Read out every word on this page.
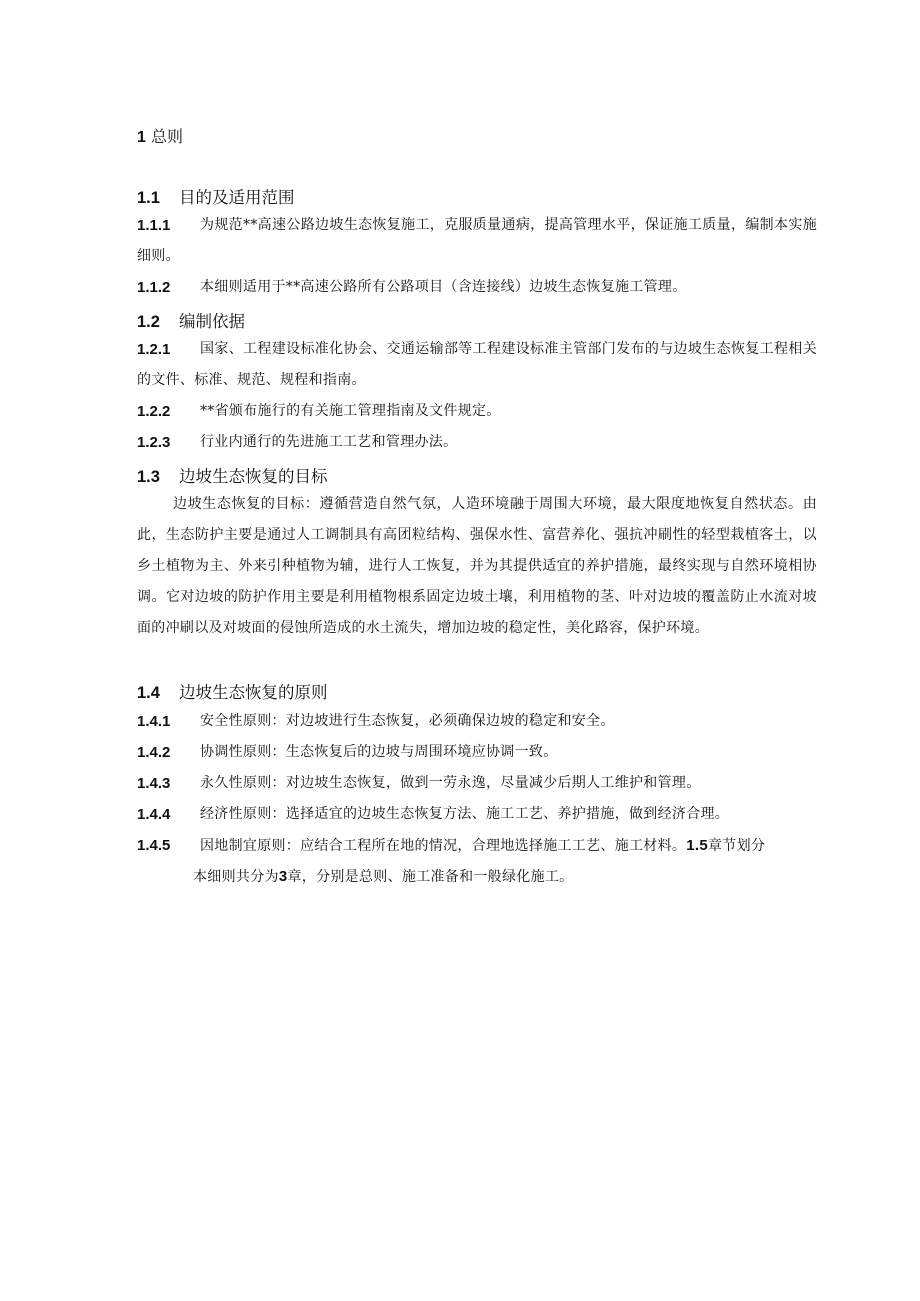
1 总则
1.1 目的及适用范围
1.1.1	为规范**高速公路边坡生态恢复施工，克服质量通病，提高管理水平，保证施工质量，编制本实施细则。
1.1.2	本细则适用于**高速公路所有公路项目（含连接线）边坡生态恢复施工管理。
1.2 编制依据
1.2.1	国家、工程建设标准化协会、交通运输部等工程建设标准主管部门发布的与边坡生态恢复工程相关的文件、标准、规范、规程和指南。
1.2.2	**省颁布施行的有关施工管理指南及文件规定。
1.2.3	行业内通行的先进施工工艺和管理办法。
1.3 边坡生态恢复的目标
边坡生态恢复的目标：遵循营造自然气氛，人造环境融于周围大环境，最大限度地恢复自然状态。由此，生态防护主要是通过人工调制具有高团粒结构、强保水性、富营养化、强抗冲刷性的轻型栽植客土，以乡土植物为主、外来引种植物为辅，进行人工恢复，并为其提供适宜的养护措施，最终实现与自然环境相协调。它对边坡的防护作用主要是利用植物根系固定边坡土壤，利用植物的茎、叶对边坡的覆盖防止水流对坡面的冲刷以及对坡面的侵蚀所造成的水土流失，增加边坡的稳定性，美化路容，保护环境。
1.4 边坡生态恢复的原则
1.4.1	安全性原则：对边坡进行生态恢复，必须确保边坡的稳定和安全。
1.4.2	协调性原则：生态恢复后的边坡与周围环境应协调一致。
1.4.3	永久性原则：对边坡生态恢复，做到一劳永逸，尽量减少后期人工维护和管理。
1.4.4	经济性原则：选择适宜的边坡生态恢复方法、施工工艺、养护措施，做到经济合理。
1.4.5	因地制宜原则：应结合工程所在地的情况，合理地选择施工工艺、施工材料。1.5章节划分
本细则共分为3章，分别是总则、施工准备和一般绿化施工。
